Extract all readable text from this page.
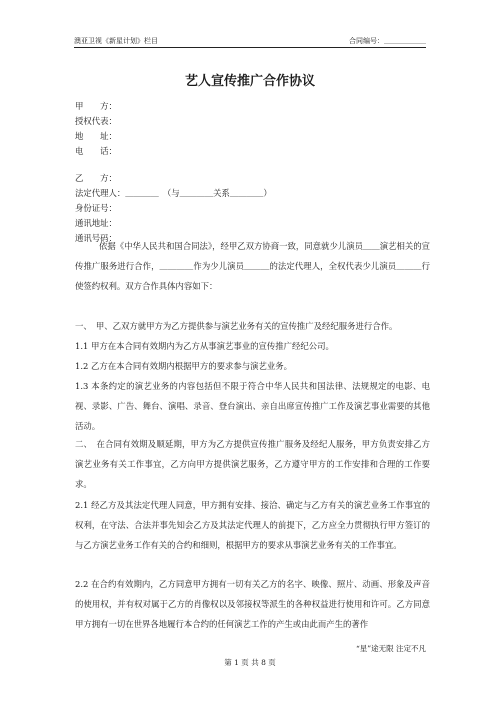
澳亚卫视《新星计划》栏目	合同编号：＿＿＿＿＿＿
艺人宣传推广合作协议
甲　　方：
授权代表：
地　　址：
电　　话：
乙　　方：
法定代理人：＿＿＿＿　（与＿＿＿＿关系＿＿＿＿）
身份证号：
通讯地址：
通讯号码：
依据《中华人民共和国合同法》，经甲乙双方协商一致，同意就少儿演员＿＿演艺相关的宣传推广服务进行合作，＿＿＿＿作为少儿演员＿＿＿的法定代理人，全权代表少儿演员＿＿＿行使签约权利。双方合作具体内容如下：
一、　甲、乙双方就甲方为乙方提供参与演艺业务有关的宣传推广及经纪服务进行合作。
1.1 甲方在本合同有效期内为乙方从事演艺事业的宣传推广经纪公司。
1.2 乙方在本合同有效期内根据甲方的要求参与演艺业务。
1.3 本条约定的演艺业务的内容包括但不限于符合中华人民共和国法律、法规规定的电影、电视、录影、广告、舞台、演唱、录音、登台演出、亲自出席宣传推广工作及演艺事业需要的其他活动。
二、　在合同有效期及顺延期，甲方为乙方提供宣传推广服务及经纪人服务，甲方负责安排乙方演艺业务有关工作事宜，乙方向甲方提供演艺服务，乙方遵守甲方的工作安排和合理的工作要求。
2.1 经乙方及其法定代理人同意，甲方拥有安排、接洽、确定与乙方有关的演艺业务工作事宜的权利，在守法、合法并事先知会乙方及其法定代理人的前提下，乙方应全力贯彻执行甲方签订的与乙方演艺业务工作有关的合约和细则，根据甲方的要求从事演艺业务有关的工作事宜。
2.2 在合约有效期内，乙方同意甲方拥有一切有关乙方的名字、映像、照片、动画、形象及声音的使用权，并有权对属于乙方的肖像权以及邻接权等派生的各种权益进行使用和许可。乙方同意甲方拥有一切在世界各地履行本合约的任何演艺工作的产生或由此而产生的著作
“星”途无限 注定不凡
第 1 页 共 8 页
